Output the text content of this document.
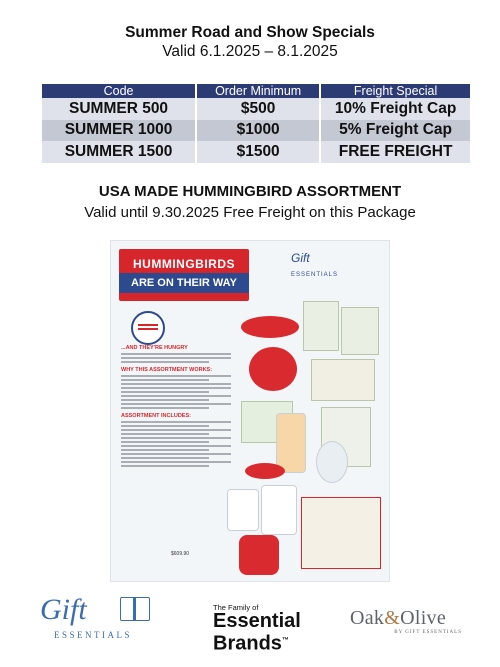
Summer Road and Show Specials
Valid 6.1.2025 – 8.1.2025
Code	Order Minimum	Freight Special
SUMMER 500	$500	10% Freight Cap
SUMMER 1000	$1000	5% Freight Cap
SUMMER 1500	$1500	FREE FREIGHT
USA MADE HUMMINGBIRD ASSORTMENT
Valid until 9.30.2025 Free Freight on this Package
HUMMINGBIRDS
ARE ON THEIR WAY
Gift
ESSENTIALS
...AND THEY'RE HUNGRY
WHY THIS ASSORTMENT WORKS:
ASSORTMENT INCLUDES:
$609.90
Gift
ESSENTIALS
The Family of
Essential
Brands™
Oak&Olive
BY GIFT ESSENTIALS
